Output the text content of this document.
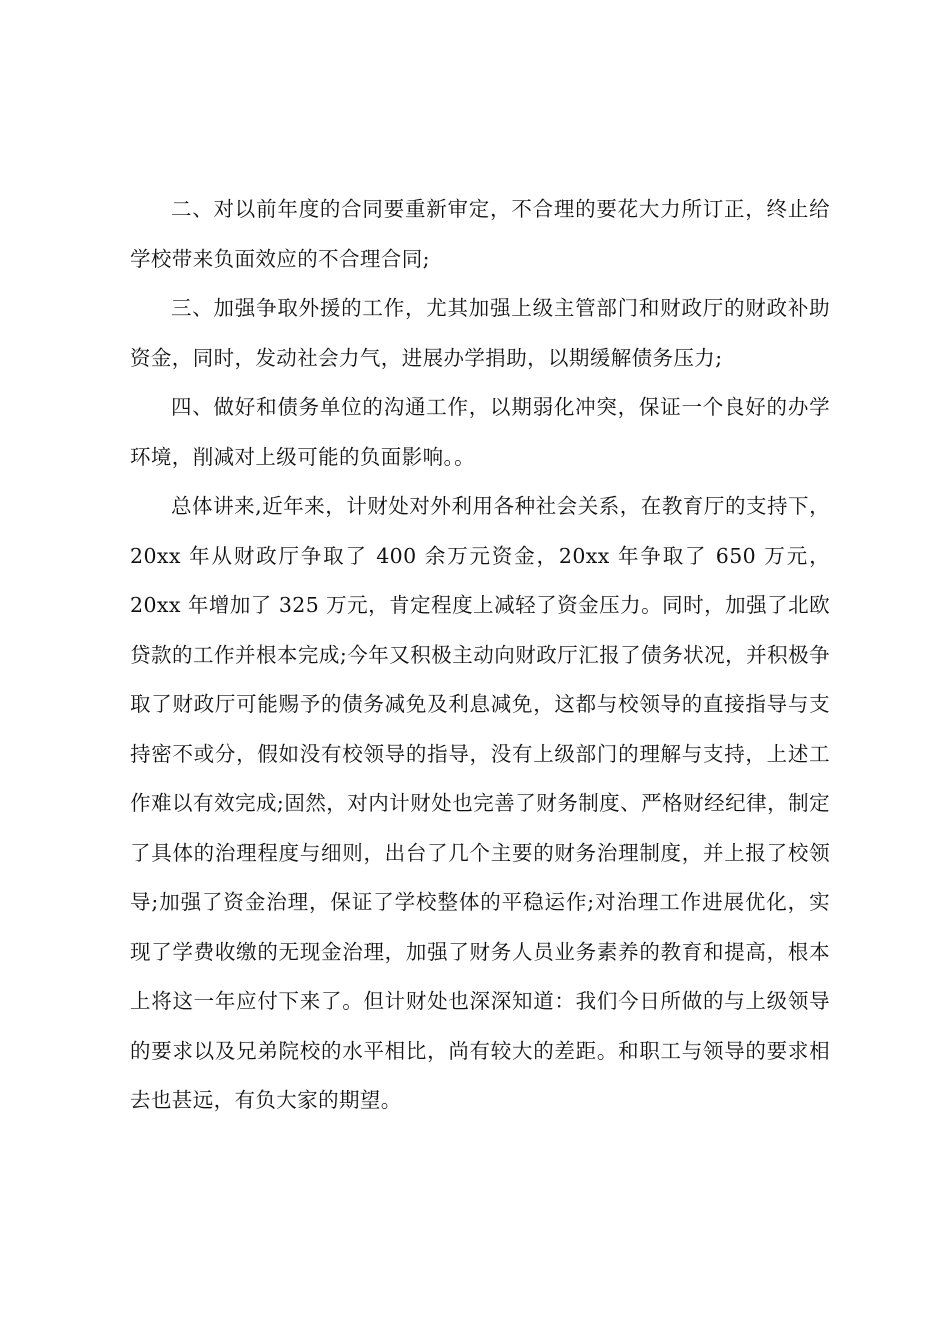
二、对以前年度的合同要重新审定，不合理的要花大力所订正，终止给学校带来负面效应的不合理合同;

三、加强争取外援的工作，尤其加强上级主管部门和财政厅的财政补助资金，同时，发动社会力气，进展办学捐助，以期缓解债务压力;

四、做好和债务单位的沟通工作，以期弱化冲突，保证一个良好的办学环境，削减对上级可能的负面影响。。

总体讲来,近年来，计财处对外利用各种社会关系，在教育厅的支持下，20xx 年从财政厅争取了 400 余万元资金，20xx 年争取了 650 万元，20xx 年增加了 325 万元，肯定程度上减轻了资金压力。同时，加强了北欧贷款的工作并根本完成;今年又积极主动向财政厅汇报了债务状况，并积极争取了财政厅可能赐予的债务减免及利息减免，这都与校领导的直接指导与支持密不或分，假如没有校领导的指导，没有上级部门的理解与支持，上述工作难以有效完成;固然，对内计财处也完善了财务制度、严格财经纪律，制定了具体的治理程度与细则，出台了几个主要的财务治理制度，并上报了校领导;加强了资金治理，保证了学校整体的平稳运作;对治理工作进展优化，实现了学费收缴的无现金治理，加强了财务人员业务素养的教育和提高，根本上将这一年应付下来了。但计财处也深深知道：我们今日所做的与上级领导的要求以及兄弟院校的水平相比，尚有较大的差距。和职工与领导的要求相去也甚远，有负大家的期望。
